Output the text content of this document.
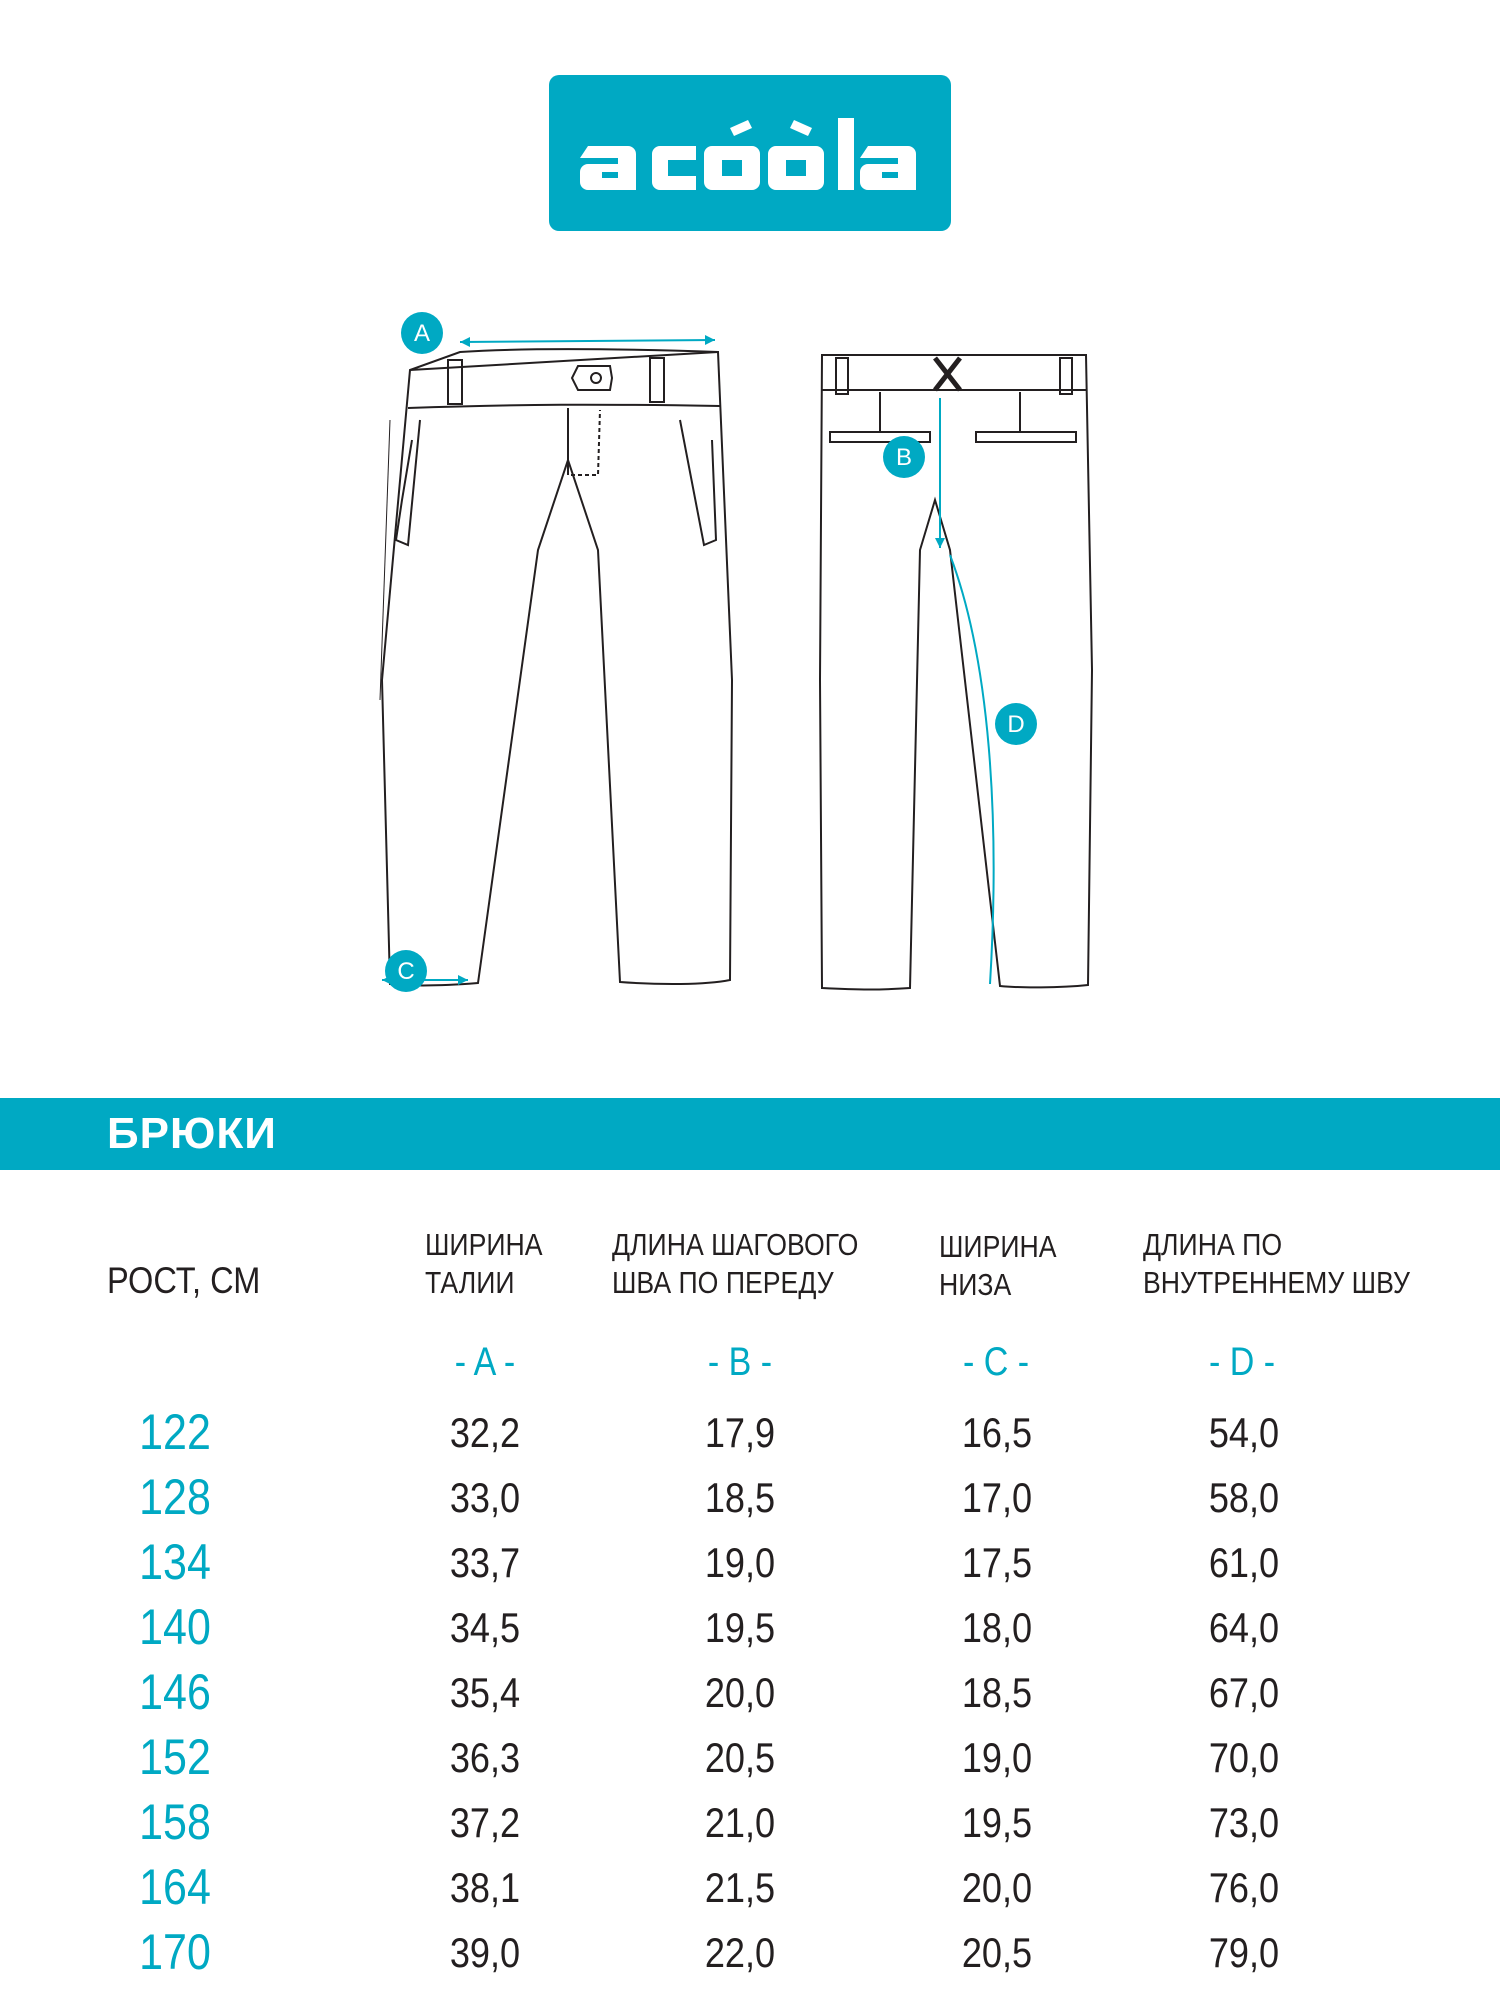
A
B
C
D
БРЮКИ
РОСТ, СМ
ШИРИНА
ТАЛИИ
ДЛИНА ШАГОВОГО
ШВА ПО ПЕРЕДУ
ШИРИНА
НИЗА
ДЛИНА ПО
ВНУТРЕННЕМУ ШВУ
- A -	- B -	- C -	- D -
122	32,2	17,9	16,5	54,0
128	33,0	18,5	17,0	58,0
134	33,7	19,0	17,5	61,0
140	34,5	19,5	18,0	64,0
146	35,4	20,0	18,5	67,0
152	36,3	20,5	19,0	70,0
158	37,2	21,0	19,5	73,0
164	38,1	21,5	20,0	76,0
170	39,0	22,0	20,5	79,0
